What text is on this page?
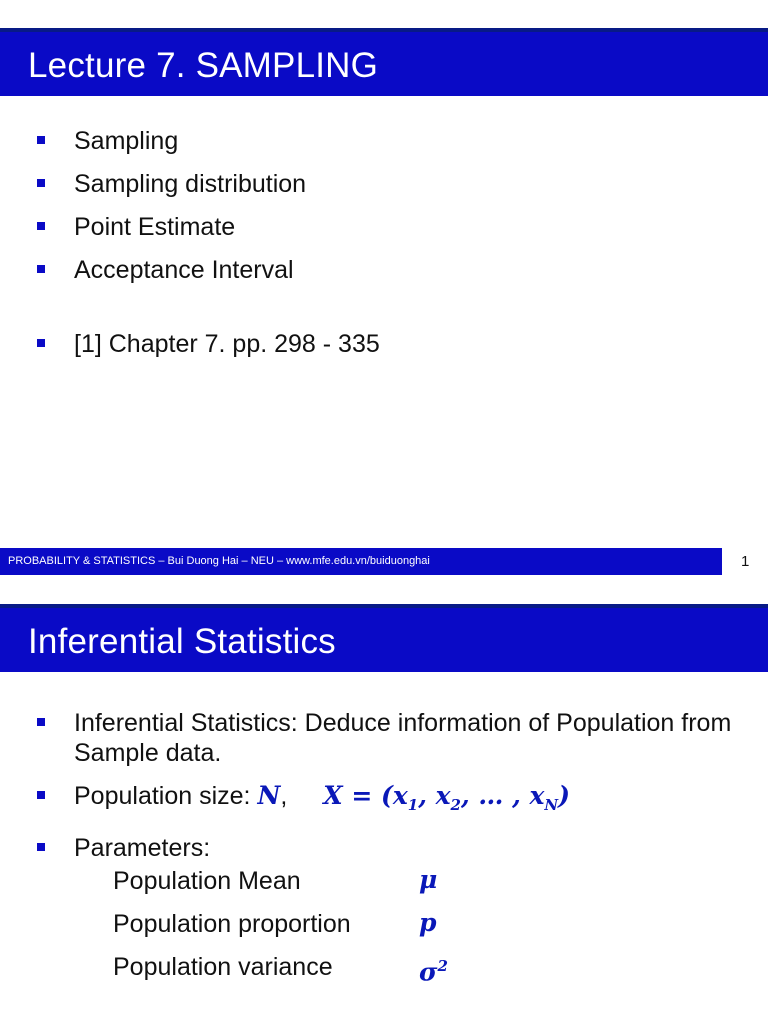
Lecture 7. SAMPLING
Sampling
Sampling distribution
Point Estimate
Acceptance Interval
[1] Chapter 7. pp. 298 - 335
PROBABILITY & STATISTICS – Bui Duong Hai – NEU – www.mfe.edu.vn/buiduonghai	1
Inferential Statistics
Inferential Statistics: Deduce information of Population from Sample data.
Population size: N, $X = (x_1$, $x_2$, … , $x_N$)
Parameters:
Population Mean	μ
Population proportion	p
Population variance	$\sigma^2$
